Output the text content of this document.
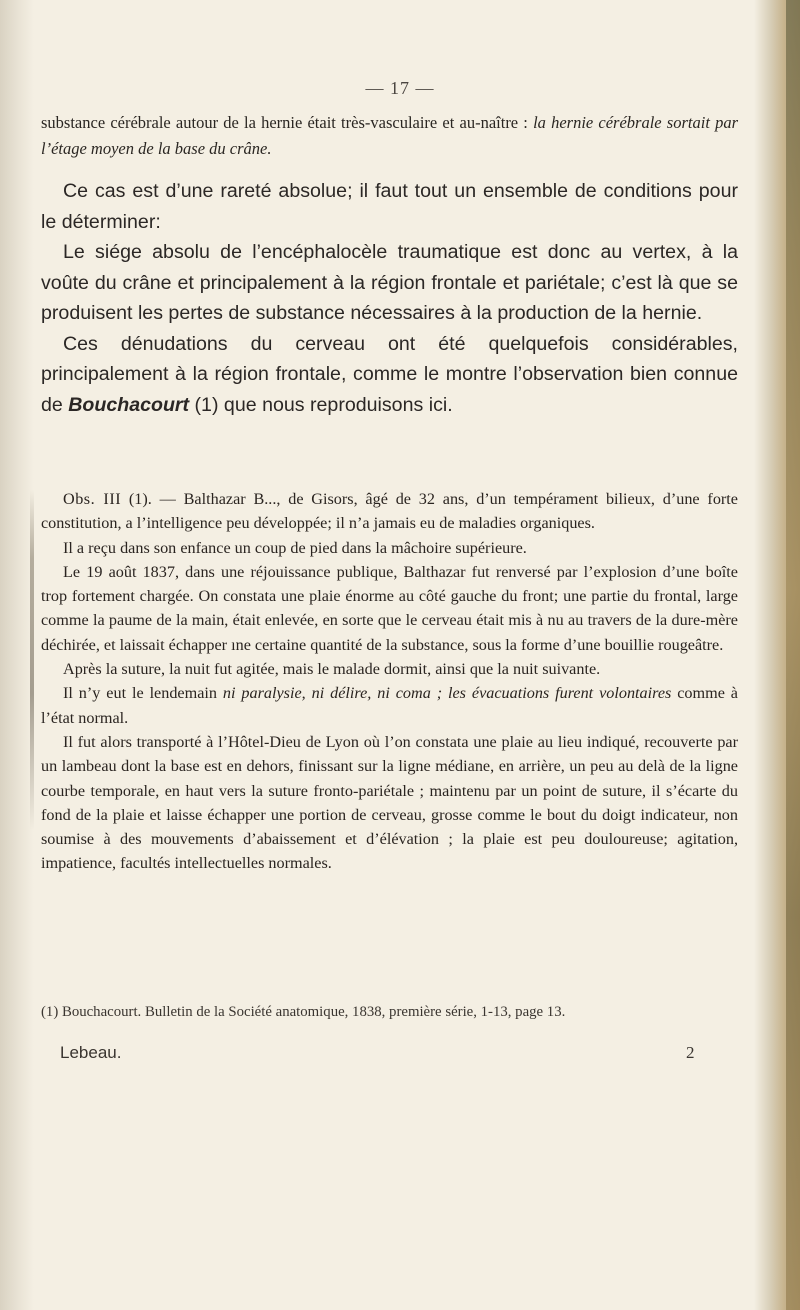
— 17 —

substance cérébrale autour de la hernie était très-vasculaire et au-naître : la hernie cérébrale sortait par l’étage moyen de la base du crâne.

Ce cas est d’une rareté absolue; il faut tout un ensemble de conditions pour le déterminer:

Le siége absolu de l’encéphalocèle traumatique est donc au vertex, à la voûte du crâne et principalement à la région frontale et pariétale; c’est là que se produisent les pertes de substance nécessaires à la production de la hernie.

Ces dénudations du cerveau ont été quelquefois considérables, principalement à la région frontale, comme le montre l’observation bien connue de Bouchacourt (1) que nous reproduisons ici.

Obs. III (1). — Balthazar B..., de Gisors, âgé de 32 ans, d’un tempérament bilieux, d’une forte constitution, a l’intelligence peu développée; il n’a jamais eu de maladies organiques.

Il a reçu dans son enfance un coup de pied dans la mâchoire supérieure.

Le 19 août 1837, dans une réjouissance publique, Balthazar fut renversé par l’explosion d’une boîte trop fortement chargée. On constata une plaie énorme au côté gauche du front; une partie du frontal, large comme la paume de la main, était enlevée, en sorte que le cerveau était mis à nu au travers de la dure-mère déchirée, et laissait échapper ıne certaine quantité de la substance, sous la forme d’une bouillie rougeâtre.

Après la suture, la nuit fut agitée, mais le malade dormit, ainsi que la nuit suivante.

Il n’y eut le lendemain ni paralysie, ni délire, ni coma ; les évacuations furent volontaires comme à l’état normal.

Il fut alors transporté à l’Hôtel-Dieu de Lyon où l’on constata une plaie au lieu indiqué, recouverte par un lambeau dont la base est en dehors, finissant sur la ligne médiane, en arrière, un peu au delà de la ligne courbe temporale, en haut vers la suture fronto-pariétale ; maintenu par un point de suture, il s’écarte du fond de la plaie et laisse échapper une portion de cerveau, grosse comme le bout du doigt indicateur, non soumise à des mouvements d’abaissement et d’élévation ; la plaie est peu douloureuse; agitation, impatience, facultés intellectuelles normales.

(1) Bouchacourt. Bulletin de la Société anatomique, 1838, première série, 1-13, page 13.
Lebeau.	2
